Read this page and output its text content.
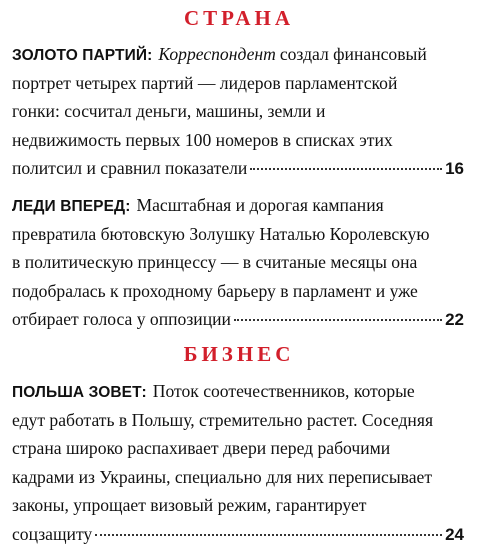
СТРАНА
ЗОЛОТО ПАРТИЙ: Корреспондент создал финансовый
портрет четырех партий — лидеров парламентской
гонки: сосчитал деньги, машины, земли и
недвижимость первых 100 номеров в списках этих
политсил и сравнил показатели	16
ЛЕДИ ВПЕРЕД: Масштабная и дорогая кампания
превратила бютовскую Золушку Наталью Королевскую
в политическую принцессу — в считаные месяцы она
подобралась к проходному барьеру в парламент и уже
отбирает голоса у оппозиции	22
БИЗНЕС
ПОЛЬША ЗОВЕТ: Поток соотечественников, которые
едут работать в Польшу, стремительно растет. Соседняя
страна широко распахивает двери перед рабочими
кадрами из Украины, специально для них переписывает
законы, упрощает визовый режим, гарантирует
соцзащиту	24
